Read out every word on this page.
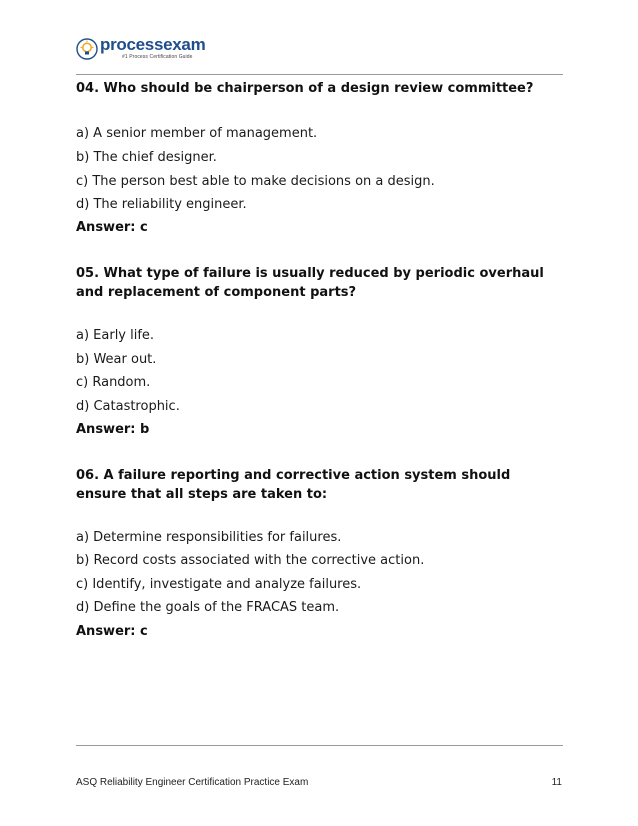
processexam
#1 Process Certification Guide
04. Who should be chairperson of a design review committee?
a) A senior member of management.
b) The chief designer.
c) The person best able to make decisions on a design.
d) The reliability engineer.
Answer: c
05. What type of failure is usually reduced by periodic overhaul and replacement of component parts?
a) Early life.
b) Wear out.
c) Random.
d) Catastrophic.
Answer: b
06. A failure reporting and corrective action system should ensure that all steps are taken to:
a) Determine responsibilities for failures.
b) Record costs associated with the corrective action.
c) Identify, investigate and analyze failures.
d) Define the goals of the FRACAS team.
Answer: c
ASQ Reliability Engineer Certification Practice Exam	11
